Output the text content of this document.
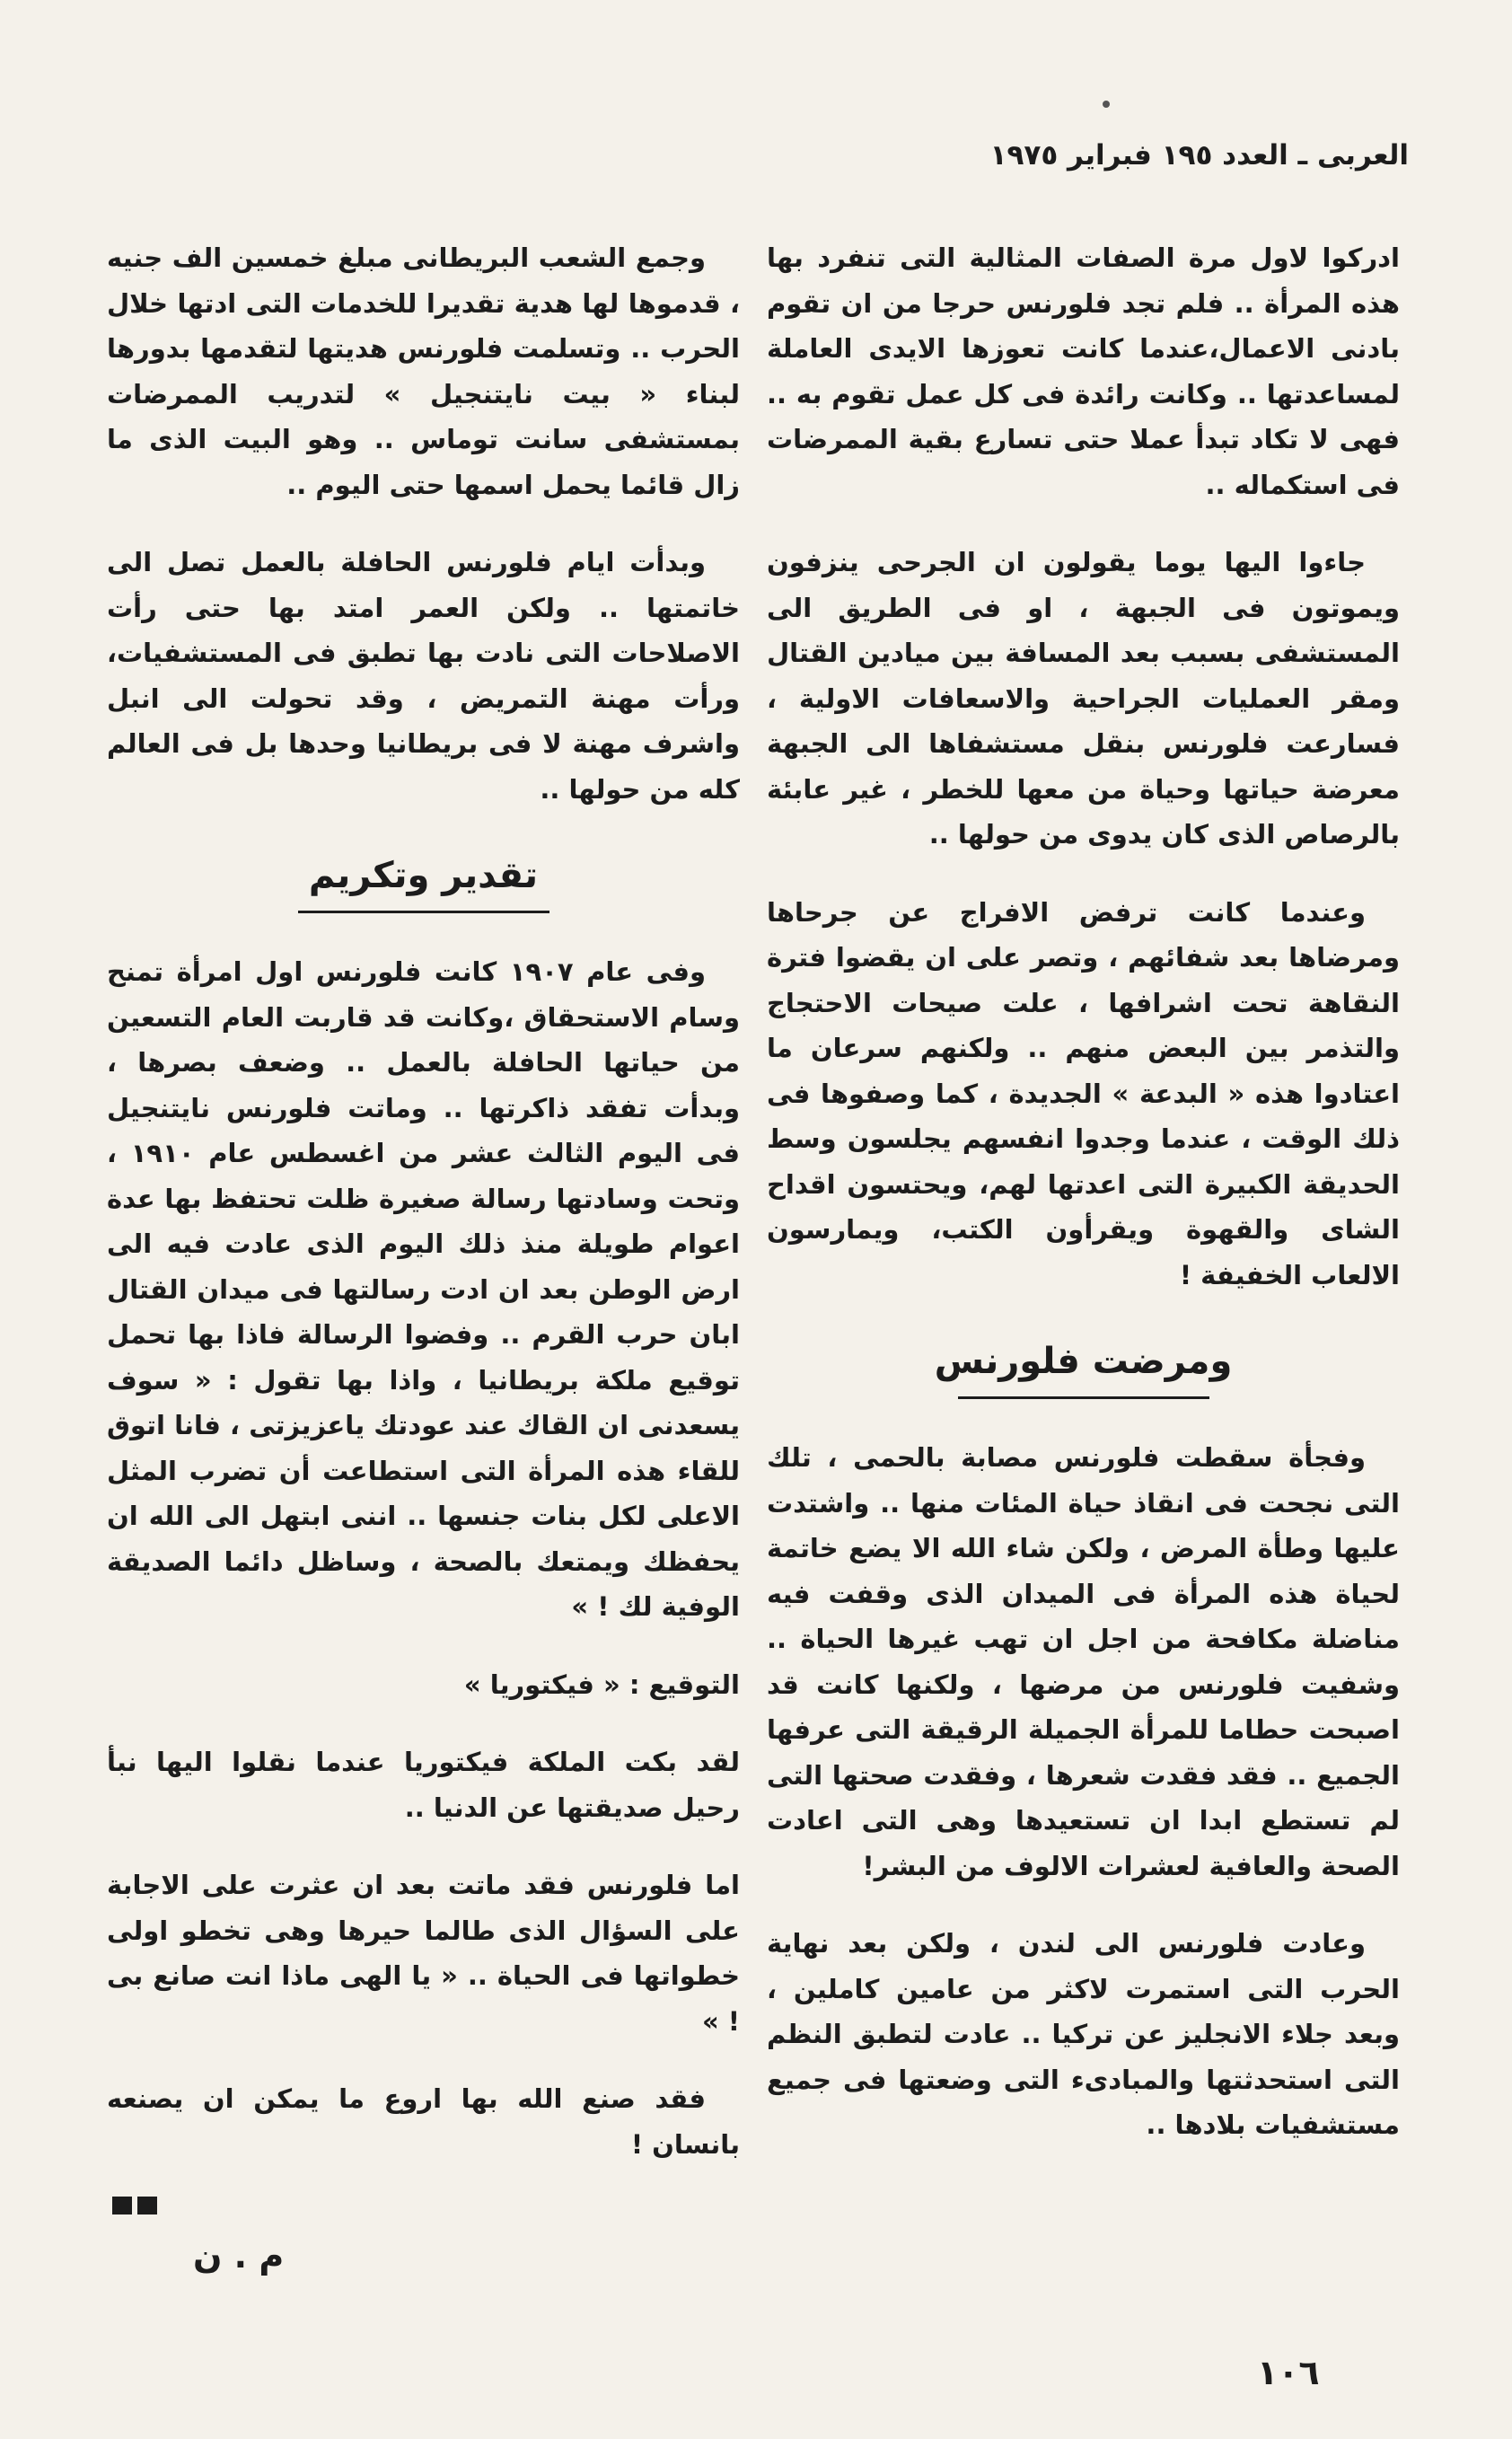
العربى ـ العدد ١٩٥ فبراير ١٩٧٥

ادركوا لاول مرة الصفات المثالية التى تنفرد بها هذه المرأة .. فلم تجد فلورنس حرجا من ان تقوم بادنى الاعمال،عندما كانت تعوزها الايدى العاملة لمساعدتها .. وكانت رائدة فى كل عمل تقوم به .. فهى لا تكاد تبدأ عملا حتى تسارع بقية الممرضات فى استكماله ..

جاءوا اليها يوما يقولون ان الجرحى ينزفون ويموتون فى الجبهة ، او فى الطريق الى المستشفى بسبب بعد المسافة بين ميادين القتال ومقر العمليات الجراحية والاسعافات الاولية ، فسارعت فلورنس بنقل مستشفاها الى الجبهة معرضة حياتها وحياة من معها للخطر ، غير عابئة بالرصاص الذى كان يدوى من حولها ..

وعندما كانت ترفض الافراج عن جرحاها ومرضاها بعد شفائهم ، وتصر على ان يقضوا فترة النقاهة تحت اشرافها ، علت صيحات الاحتجاج والتذمر بين البعض منهم .. ولكنهم سرعان ما اعتادوا هذه « البدعة » الجديدة ، كما وصفوها فى ذلك الوقت ، عندما وجدوا انفسهم يجلسون وسط الحديقة الكبيرة التى اعدتها لهم، ويحتسون اقداح الشاى والقهوة ويقرأون الكتب، ويمارسون الالعاب الخفيفة !

ومرضت فلورنس

وفجأة سقطت فلورنس مصابة بالحمى ، تلك التى نجحت فى انقاذ حياة المئات منها .. واشتدت عليها وطأة المرض ، ولكن شاء الله الا يضع خاتمة لحياة هذه المرأة فى الميدان الذى وقفت فيه مناضلة مكافحة من اجل ان تهب غيرها الحياة .. وشفيت فلورنس من مرضها ، ولكنها كانت قد اصبحت حطاما للمرأة الجميلة الرقيقة التى عرفها الجميع .. فقد فقدت شعرها ، وفقدت صحتها التى لم تستطع ابدا ان تستعيدها وهى التى اعادت الصحة والعافية لعشرات الالوف من البشر!

وعادت فلورنس الى لندن ، ولكن بعد نهاية الحرب التى استمرت لاكثر من عامين كاملين ، وبعد جلاء الانجليز عن تركيا .. عادت لتطبق النظم التى استحدثتها والمبادىء التى وضعتها فى جميع مستشفيات بلادها ..

وجمع الشعب البريطانى مبلغ خمسين الف جنيه ، قدموها لها هدية تقديرا للخدمات التى ادتها خلال الحرب .. وتسلمت فلورنس هديتها لتقدمها بدورها لبناء « بيت نايتنجيل » لتدريب الممرضات بمستشفى سانت توماس .. وهو البيت الذى ما زال قائما يحمل اسمها حتى اليوم ..

وبدأت ايام فلورنس الحافلة بالعمل تصل الى خاتمتها .. ولكن العمر امتد بها حتى رأت الاصلاحات التى نادت بها تطبق فى المستشفيات، ورأت مهنة التمريض ، وقد تحولت الى انبل واشرف مهنة لا فى بريطانيا وحدها بل فى العالم كله من حولها ..

تقدير وتكريم

وفى عام ١٩٠٧ كانت فلورنس اول امرأة تمنح وسام الاستحقاق ،وكانت قد قاربت العام التسعين من حياتها الحافلة بالعمل .. وضعف بصرها ، وبدأت تفقد ذاكرتها .. وماتت فلورنس نايتنجيل فى اليوم الثالث عشر من اغسطس عام ١٩١٠ ، وتحت وسادتها رسالة صغيرة ظلت تحتفظ بها عدة اعوام طويلة منذ ذلك اليوم الذى عادت فيه الى ارض الوطن بعد ان ادت رسالتها فى ميدان القتال ابان حرب القرم .. وفضوا الرسالة فاذا بها تحمل توقيع ملكة بريطانيا ، واذا بها تقول : « سوف يسعدنى ان القاك عند عودتك ياعزيزتى ، فانا اتوق للقاء هذه المرأة التى استطاعت أن تضرب المثل الاعلى لكل بنات جنسها .. اننى ابتهل الى الله ان يحفظك ويمتعك بالصحة ، وساظل دائما الصديقة الوفية لك ! »

التوقيع : « فيكتوريا »

لقد بكت الملكة فيكتوريا عندما نقلوا اليها نبأ رحيل صديقتها عن الدنيا ..

اما فلورنس فقد ماتت بعد ان عثرت على الاجابة على السؤال الذى طالما حيرها وهى تخطو اولى خطواتها فى الحياة .. « يا الهى ماذا انت صانع بى ! »

فقد صنع الله بها اروع ما يمكن ان يصنعه بانسان !

م . ن
١٠٦
